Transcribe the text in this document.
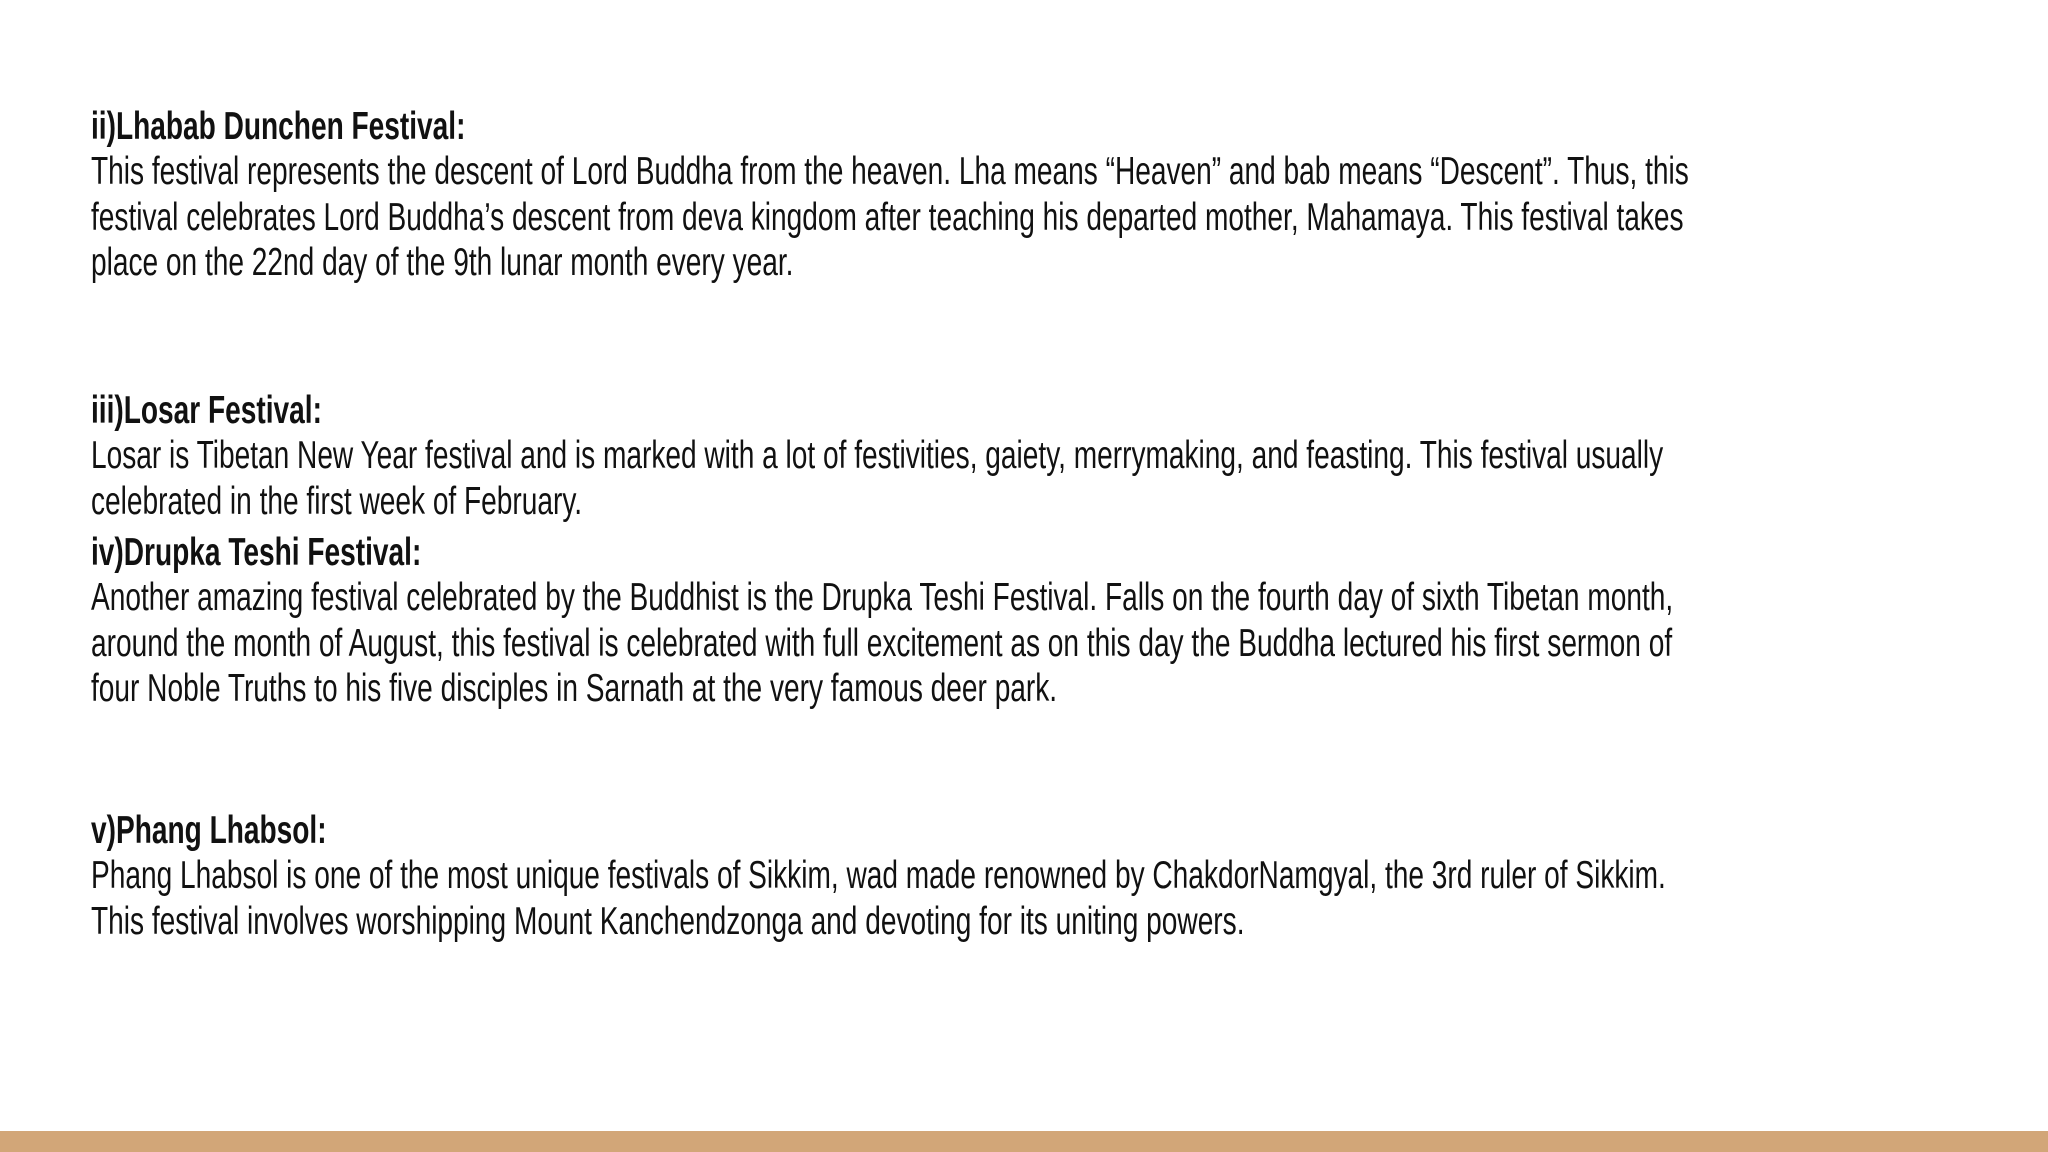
ii)Lhabab Dunchen Festival:
This festival represents the descent of Lord Buddha from the heaven. Lha means “Heaven” and bab means “Descent”. Thus, this
festival celebrates Lord Buddha’s descent from deva kingdom after teaching his departed mother, Mahamaya. This festival takes
place on the 22nd day of the 9th lunar month every year.
iii)Losar Festival:
Losar is Tibetan New Year festival and is marked with a lot of festivities, gaiety, merrymaking, and feasting. This festival usually
celebrated in the first week of February.
iv)Drupka Teshi Festival:
Another amazing festival celebrated by the Buddhist is the Drupka Teshi Festival. Falls on the fourth day of sixth Tibetan month,
around the month of August, this festival is celebrated with full excitement as on this day the Buddha lectured his first sermon of
four Noble Truths to his five disciples in Sarnath at the very famous deer park.
v)Phang Lhabsol:
Phang Lhabsol is one of the most unique festivals of Sikkim, wad made renowned by ChakdorNamgyal, the 3rd ruler of Sikkim.
This festival involves worshipping Mount Kanchendzonga and devoting for its uniting powers.
